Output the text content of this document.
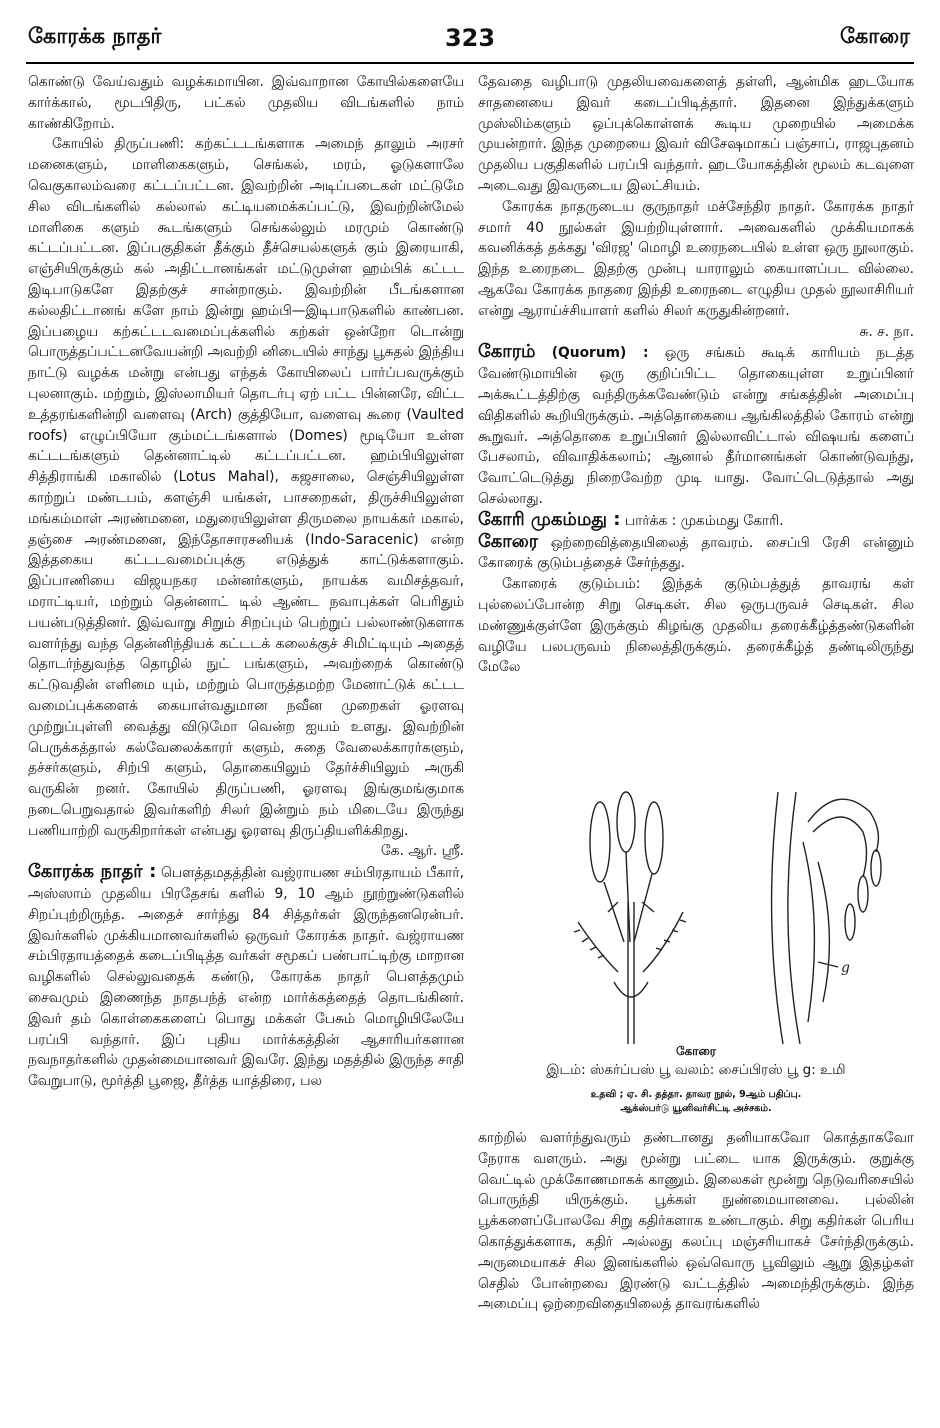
கோரக்க நாதர்	323	கோரை

கொண்டு வேய்வதும் வழக்கமாயின. இவ்வாறான கோயில்களையே கார்க்கால், மூடபிதிரு, பட்கல் முதலிய விடங்களில் நாம் காண்கிறோம்.

கோயில் திருப்பணி: கற்கட்டடங்களாக அமைந் தாலும் அரசர் மனைகளும், மாளிகைகளும், செங்கல், மரம், ஓடுகளாலே வெகுகாலம்வரை கட்டப்பட்டன. இவற்றின் அடிப்படைகள் மட்டுமே சில விடங்களில் கல்லால் கட்டியமைக்கப்பட்டு, இவற்றின்மேல் மாளிகை களும் கூடங்களும் செங்கல்லும் மரமும் கொண்டு கட்டப்பட்டன. இப்பகுதிகள் தீக்கும் தீச்செயல்களுக் கும் இரையாகி, எஞ்சியிருக்கும் கல் அதிட்டானங்கள் மட்டுமுள்ள ஹம்பிக் கட்டட இடிபாடுகளே இதற்குச் சான்றாகும். இவற்றின் பீடங்களான கல்லதிட்டானங் களே நாம் இன்று ஹம்பி—இடிபாடுகளில் காண்பன. இப்பழைய கற்கட்டடவமைப்புக்களில் கற்கள் ஒன்றோ டொன்று பொருத்தப்பட்டனவேயன்றி அவற்றி னிடையில் சாந்து பூசுதல் இந்திய நாட்டு வழக்க மன்று என்பது எந்தக் கோயிலைப் பார்ப்பவருக்கும் புலனாகும். மற்றும், இஸ்லாமியர் தொடர்பு ஏற் பட்ட பின்னரே, விட்ட உத்தரங்களின்றி வளைவு (Arch) குத்தியோ, வளைவு கூரை (Vaulted roofs) எழுப்பியோ கும்மட்டங்களால் (Domes) மூடியோ உள்ள கட்டடங்களும் தென்னாட்டில் கட்டப்பட்டன. ஹம்பியிலுள்ள சித்திராங்கி மகாலில் (Lotus Mahal), கஜசாலை, செஞ்சியிலுள்ள காற்றுப் மண்டபம், களஞ்சி யங்கள், பாசறைகள், திருச்சியிலுள்ள மங்கம்மாள் அரண்மனை, மதுரையிலுள்ள திருமலை நாயக்கர் மகால், தஞ்சை அரண்மனை, இந்தோசாரசனியக் (Indo-Saracenic) என்ற இத்தகைய கட்டடவமைப்புக்கு எடுத்துக் காட்டுக்களாகும். இப்பாணியை விஜயநகர மன்னர்களும், நாயக்க வமிசத்தவர், மராட்டியர், மற்றும் தென்னாட் டில் ஆண்ட நவாபுக்கள் பெரிதும் பயன்படுத்தினர். இவ்வாறு சிறும் சிறப்பும் பெற்றுப் பல்லாண்டுகளாக வளர்ந்து வந்த தென்னிந்தியக் கட்டடக் கலைக்குச் சிமிட்டியும் அதைத் தொடர்ந்துவந்த தொழில் நுட் பங்களும், அவற்றைக் கொண்டு கட்டுவதின் எளிமை யும், மற்றும் பொருத்தமற்ற மேனாட்டுக் கட்டட வமைப்புக்களைக் கையாள்வதுமான நவீன முறைகள் ஓரளவு முற்றுப்புள்ளி வைத்து விடுமோ வென்ற ஐயம் உளது. இவற்றின் பெருக்கத்தால் கல்வேலைக்காரர் களும், சுதை வேலைக்காரர்களும், தச்சர்களும், சிற்பி களும், தொகையிலும் தேர்ச்சியிலும் அருகி வருகின் றனர். கோயில் திருப்பணி, ஓரளவு இங்குமங்குமாக நடைபெறுவதால் இவர்களிற் சிலர் இன்றும் நம் மிடையே இருந்து பணியாற்றி வருகிறார்கள் என்பது ஓரளவு திருப்தியளிக்கிறது.

கே. ஆர். ஸ்ரீ.

கோரக்க நாதர் : பௌத்தமதத்தின் வஜ்ராயண சம்பிரதாயம் பீகார், அஸ்ஸாம் முதலிய பிரதேசங் களில் 9, 10 ஆம் நூற்றுண்டுகளில் சிறப்புற்றிருந்த. அதைச் சார்ந்து 84 சித்தர்கள் இருந்தனரென்பர். இவர்களில் முக்கியமானவர்களில் ஒருவர் கோரக்க நாதர். வஜ்ராயண சம்பிரதாயத்தைக் கடைப்பிடித்த வர்கள் சமூகப் பண்பாட்டிற்கு மாறான வழிகளில் செல்லுவதைக் கண்டு, கோரக்க நாதர் பௌத்தமும் சைவமும் இணைந்த நாதபந்த் என்ற மார்க்கத்தைத் தொடங்கினர். இவர் தம் கொள்கைகளைப் பொது மக்கள் பேசும் மொழியிலேயே பரப்பி வந்தார். இப் புதிய மார்க்கத்தின் ஆசாரியர்களான நவநாதர்களில் முதன்மையானவர் இவரே. இந்து மதத்தில் இருந்த சாதி வேறுபாடு, மூர்த்தி பூஜை, தீர்த்த யாத்திரை, பல

தேவதை வழிபாடு முதலியவைகளைத் தள்ளி, ஆன்மிக ஹடயோக சாதனையை இவர் கடைப்பிடித்தார். இதனை இந்துக்களும் முஸ்லிம்களும் ஒப்புக்கொள்ளக் கூடிய முறையில் அமைக்க முயன்றார். இந்த முறையை இவர் விசேஷமாகப் பஞ்சாப், ராஜபுதனம் முதலிய பகுதிகளில் பரப்பி வந்தார். ஹடயோகத்தின் மூலம் கடவுளை அடைவது இவருடைய இலட்சியம்.

கோரக்க நாதருடைய குருநாதர் மச்சேந்திர நாதர். கோரக்க நாதர் சமார் 40 நூல்கள் இயற்றியுள்ளார். அவைகளில் முக்கியமாகக் கவனிக்கத் தக்கது 'விரஜ' மொழி உரைநடையில் உள்ள ஒரு நூலாகும். இந்த உரைநடை இதற்கு முன்பு யாராலும் கையாளப்பட வில்லை. ஆகவே கோரக்க நாதரை இந்தி உரைநடை எழுதிய முதல் நூலாசிரியர் என்று ஆராய்ச்சியாளர் களில் சிலர் கருதுகின்றனர்.

சு. ச. நா.

கோரம் (Quorum) : ஒரு சங்கம் கூடிக் காரியம் நடத்த வேண்டுமாயின் ஒரு குறிப்பிட்ட தொகையுள்ள உறுப்பினர் அக்கூட்டத்திற்கு வந்திருக்கவேண்டும் என்று சங்கத்தின் அமைப்பு விதிகளில் கூறியிருக்கும். அத்தொகையை ஆங்கிலத்தில் கோரம் என்று கூறுவர். அத்தொகை உறுப்பினர் இல்லாவிட்டால் விஷயங் களைப் பேசலாம், விவாதிக்கலாம்; ஆனால் தீர்மானங்கள் கொண்டுவந்து, வோட்டெடுத்து நிறைவேற்ற முடி யாது. வோட்டெடுத்தால் அது செல்லாது.

கோரி முகம்மது : பார்க்க : முகம்மது கோரி.

கோரை ஒற்றைவித்தையிலைத் தாவரம். சைப்பி ரேசி என்னும் கோரைக் குடும்பத்தைச் சேர்ந்தது.

கோரைக் குடும்பம்: இந்தக் குடும்பத்துத் தாவரங் கள் புல்லைப்போன்ற சிறு செடிகள். சில ஒருபருவச் செடிகள். சில மண்ணுக்குள்ளே இருக்கும் கிழங்கு முதலிய தரைக்கீழ்த்தண்டுகளின் வழியே பலபருவம் நிலைத்திருக்கும். தரைக்கீழ்த் தண்டிலிருந்து மேலே

g
கோரை
இடம்: ஸ்கர்ப்பஸ் பூ வலம்: சைப்பிரஸ் பூ g: உமி
உதவி ; ஏ. சி. தத்தா. தாவர நூல், 9ஆம் பதிப்பு.
ஆக்ஸ்பர்டு யூனிவர்சிட்டி அச்சகம்.

காற்றில் வளர்ந்துவரும் தண்டானது தனியாகவோ கொத்தாகவோ நேராக வளரும். அது மூன்று பட்டை யாக இருக்கும். குறுக்கு வெட்டில் முக்கோணமாகக் காணும். இலைகள் மூன்று நெடுவரிசையில் பொருந்தி யிருக்கும். பூக்கள் நுண்மையானவை. புல்லின் பூக்களைப்போலவே சிறு கதிர்களாக உண்டாகும். சிறு கதிர்கள் பெரிய கொத்துக்களாக, கதிர் அல்லது கலப்பு மஞ்சரியாகச் சேர்ந்திருக்கும். அருமையாகச் சில இனங்களில் ஒவ்வொரு பூவிலும் ஆறு இதழ்கள் செதில் போன்றவை இரண்டு வட்டத்தில் அமைந்திருக்கும். இந்த அமைப்பு ஒற்றைவிதையிலைத் தாவரங்களில்
